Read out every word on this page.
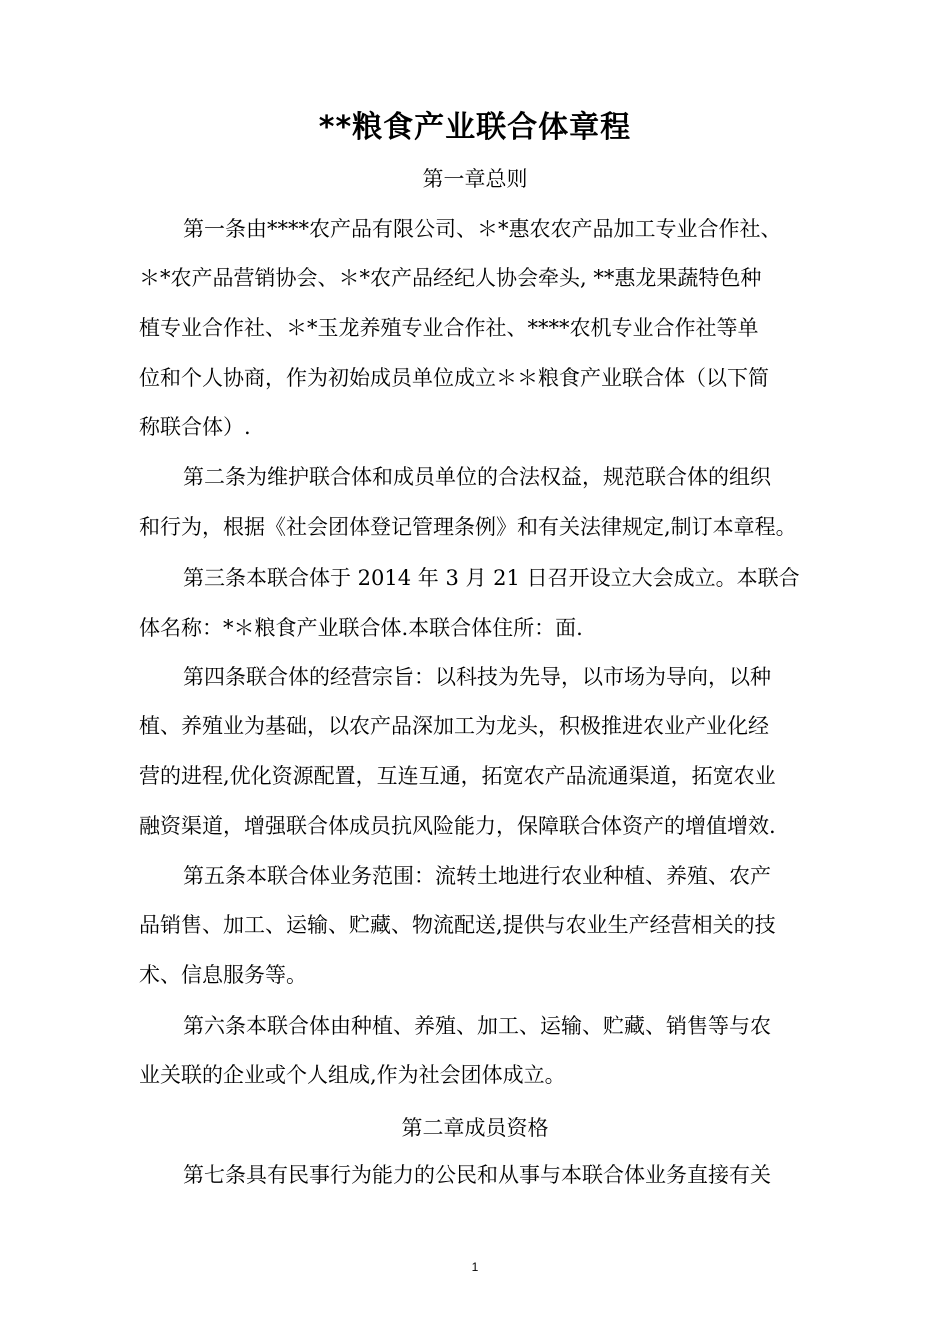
**粮食产业联合体章程

第一章总则

第一条由****农产品有限公司、＊*惠农农产品加工专业合作社、

＊*农产品营销协会、＊*农产品经纪人协会牵头, **惠龙果蔬特色种

植专业合作社、＊*玉龙养殖专业合作社、****农机专业合作社等单

位和个人协商，作为初始成员单位成立＊＊粮食产业联合体（以下简

称联合体）.

第二条为维护联合体和成员单位的合法权益，规范联合体的组织

和行为，根据《社会团体登记管理条例》和有关法律规定,制订本章程。

第三条本联合体于 2014 年 3 月 21 日召开设立大会成立。本联合

体名称：*＊粮食产业联合体.本联合体住所：面.

第四条联合体的经营宗旨：以科技为先导，以市场为导向，以种

植、养殖业为基础，以农产品深加工为龙头，积极推进农业产业化经

营的进程,优化资源配置，互连互通，拓宽农产品流通渠道，拓宽农业

融资渠道，增强联合体成员抗风险能力，保障联合体资产的增值增效.

第五条本联合体业务范围：流转土地进行农业种植、养殖、农产

品销售、加工、运输、贮藏、物流配送,提供与农业生产经营相关的技

术、信息服务等。

第六条本联合体由种植、养殖、加工、运输、贮藏、销售等与农

业关联的企业或个人组成,作为社会团体成立。

第二章成员资格

第七条具有民事行为能力的公民和从事与本联合体业务直接有关

1
